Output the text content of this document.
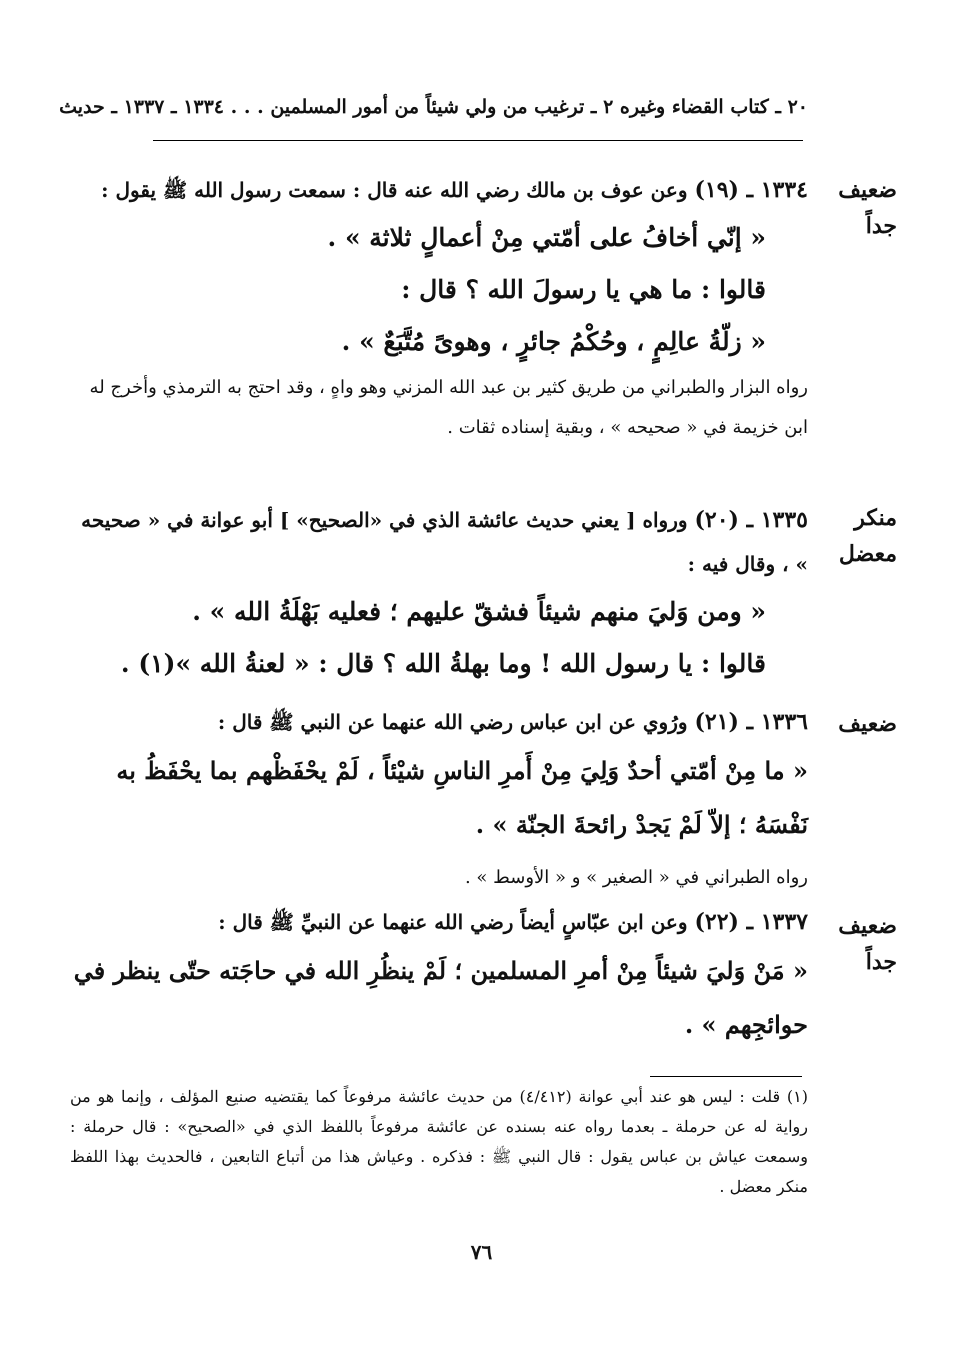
٢٠ ـ كتاب القضاء وغيره ٢ ـ ترغيب من ولي شيئاً من أمور المسلمين . . . ١٣٣٤ ـ ١٣٣٧ ـ حديث
ضعيف جداً
١٣٣٤ ـ (١٩) وعن عوف بن مالك رضي الله عنه قال : سمعت رسول الله ﷺ يقول :
« إنّي أخافُ على أمّتي مِنْ أعمالٍ ثلاثة » .
قالوا : ما هي يا رسولَ الله ؟ قال :
« زلّةُ عالِمٍ ، وحُكْمُ جائرٍ ، وهوىً مُتَّبَعٌ » .
رواه البزار والطبراني من طريق كثير بن عبد الله المزني وهو واهٍ ، وقد احتج به الترمذي وأخرج له ابن خزيمة في « صحيحه » ، وبقية إسناده ثقات .
منكر معضل
١٣٣٥ ـ (٢٠) ورواه [ يعني حديث عائشة الذي في «الصحيح» ] أبو عوانة في « صحيحه » ، وقال فيه :
« ومن وَليَ منهم شيئاً فشقّ عليهم ؛ فعليه بَهْلَةُ الله » .
قالوا : يا رسول الله ! وما بهلةُ الله ؟ قال : « لعنةُ الله »(١) .
ضعيف
١٣٣٦ ـ (٢١) ورُوي عن ابن عباس رضي الله عنهما عن النبي ﷺ قال :
« ما مِنْ أمّتي أحدٌ وَلِيَ مِنْ أَمرِ الناسِ شيْئاً ، لَمْ يحْفَظْهم بما يحْفَظُ به نَفْسَهُ ؛ إلاّ لَمْ يَجدْ رائحةَ الجنّة » .
رواه الطبراني في « الصغير » و « الأوسط » .
ضعيف جداً
١٣٣٧ ـ (٢٢) وعن ابن عبّاسٍ أيضاً رضي الله عنهما عن النبيِّ ﷺ قال :
« مَنْ وَليَ شيئاً مِنْ أمرِ المسلمين ؛ لَمْ ينظُرِ الله في حاجَته حتّى ينظر في حوائجِهم » .
(١) قلت : ليس هو عند أبي عوانة (٤/٤١٢) من حديث عائشة مرفوعاً كما يقتضيه صنيع المؤلف ، وإنما هو من رواية له عن حرملة ـ بعدما رواه عنه بسنده عن عائشة مرفوعاً باللفظ الذي في «الصحيح» : قال حرملة : وسمعت عياش بن عباس يقول : قال النبي ﷺ : فذكره . وعياش هذا من أتباع التابعين ، فالحديث بهذا اللفظ منكر معضل .
٧٦
